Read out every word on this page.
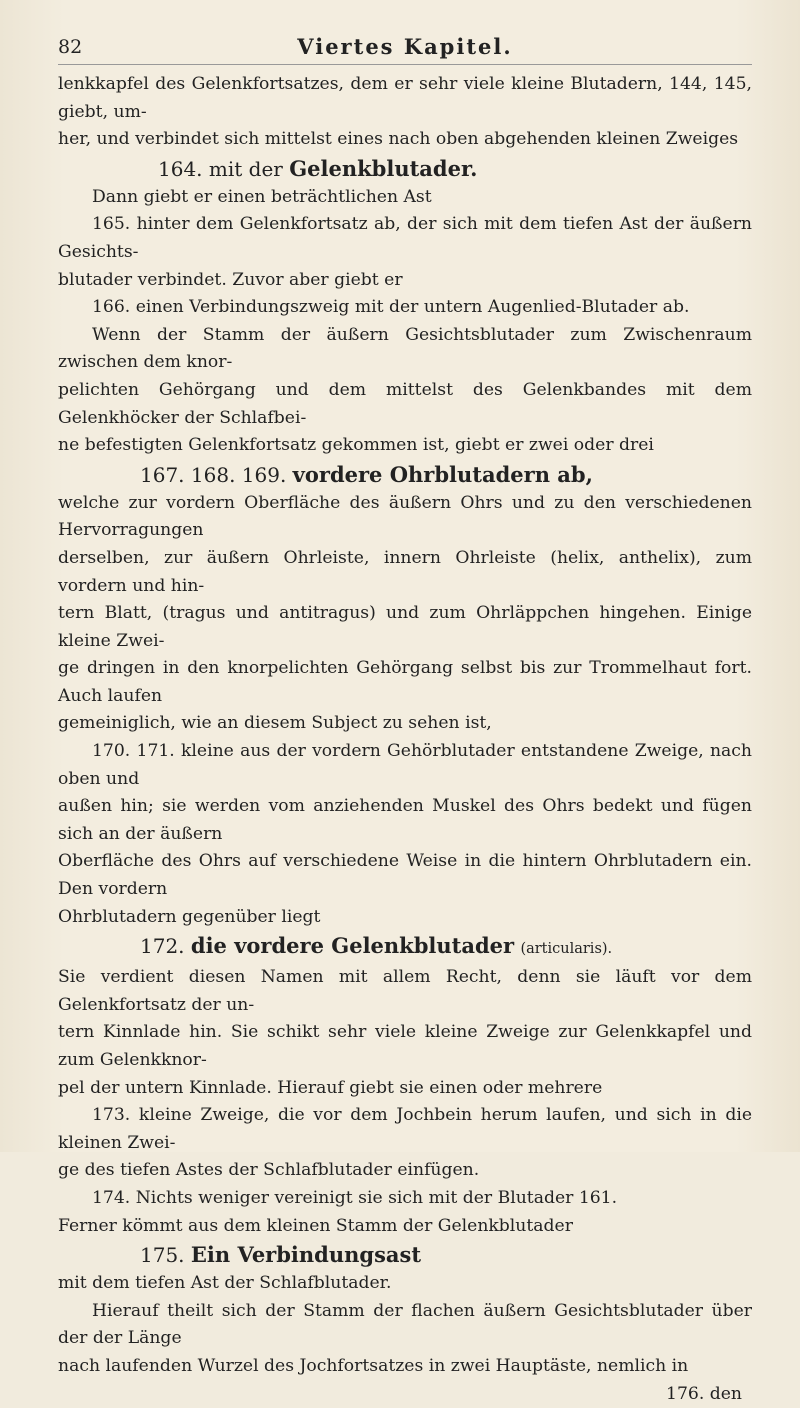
82	Viertes Kapitel.

lenkkapfel des Gelenkfortsatzes, dem er sehr viele kleine Blutadern, 144, 145, giebt, um-

her, und verbindet sich mittelst eines nach oben abgehenden kleinen Zweiges

164. mit der Gelenkblutader.

Dann giebt er einen beträchtlichen Ast

165. hinter dem Gelenkfortsatz ab, der sich mit dem tiefen Ast der äußern Gesichts-

blutader verbindet. Zuvor aber giebt er

166. einen Verbindungszweig mit der untern Augenlied-Blutader ab.

Wenn der Stamm der äußern Gesichtsblutader zum Zwischenraum zwischen dem knor-

pelichten Gehörgang und dem mittelst des Gelenkbandes mit dem Gelenkhöcker der Schlafbei-

ne befestigten Gelenkfortsatz gekommen ist, giebt er zwei oder drei

167. 168. 169. vordere Ohrblutadern ab,

welche zur vordern Oberfläche des äußern Ohrs und zu den verschiedenen Hervorragungen

derselben, zur äußern Ohrleiste, innern Ohrleiste (helix, anthelix), zum vordern und hin-

tern Blatt, (tragus und antitragus) und zum Ohrläppchen hingehen. Einige kleine Zwei-

ge dringen in den knorpelichten Gehörgang selbst bis zur Trommelhaut fort. Auch laufen

gemeiniglich, wie an diesem Subject zu sehen ist,

170. 171. kleine aus der vordern Gehörblutader entstandene Zweige, nach oben und

außen hin; sie werden vom anziehenden Muskel des Ohrs bedekt und fügen sich an der äußern

Oberfläche des Ohrs auf verschiedene Weise in die hintern Ohrblutadern ein. Den vordern

Ohrblutadern gegenüber liegt

172. die vordere Gelenkblutader (articularis).

Sie verdient diesen Namen mit allem Recht, denn sie läuft vor dem Gelenkfortsatz der un-

tern Kinnlade hin. Sie schikt sehr viele kleine Zweige zur Gelenkkapfel und zum Gelenkknor-

pel der untern Kinnlade. Hierauf giebt sie einen oder mehrere

173. kleine Zweige, die vor dem Jochbein herum laufen, und sich in die kleinen Zwei-

ge des tiefen Astes der Schlafblutader einfügen.

174. Nichts weniger vereinigt sie sich mit der Blutader 161.

Ferner kömmt aus dem kleinen Stamm der Gelenkblutader

175. Ein Verbindungsast

mit dem tiefen Ast der Schlafblutader.

Hierauf theilt sich der Stamm der flachen äußern Gesichtsblutader über der der Länge

nach laufenden Wurzel des Jochfortsatzes in zwei Hauptäste, nemlich in

176. den
